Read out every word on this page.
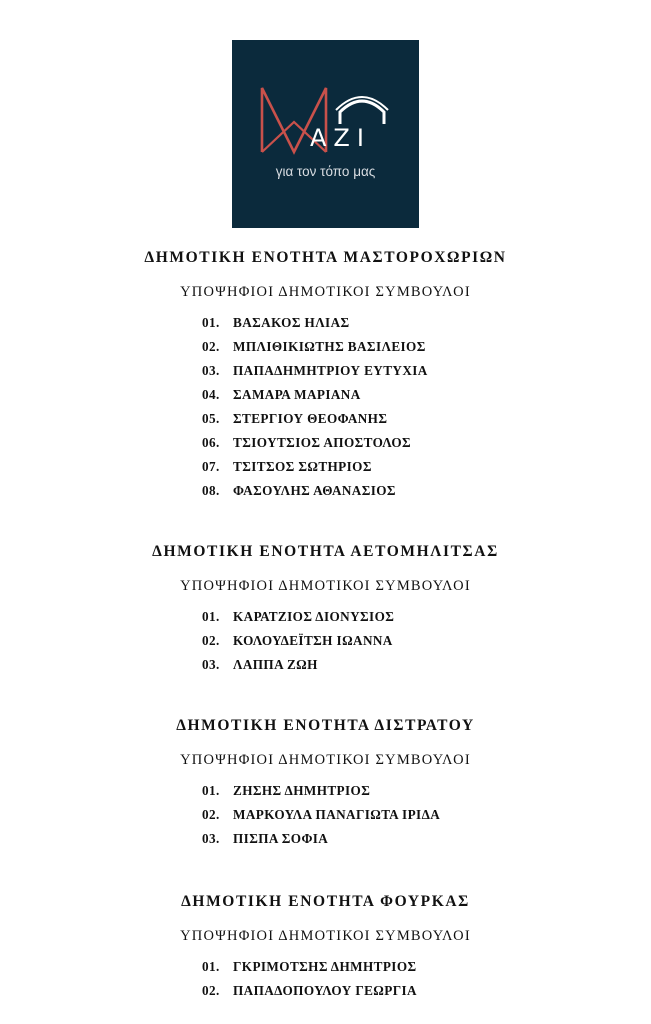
AZI
για τον τόπο μας
ΔΗΜΟΤΙΚΗ ΕΝΟΤΗΤΑ ΜΑΣΤΟΡΟΧΩΡΙΩΝ
ΥΠΟΨΗΦΙΟΙ ΔΗΜΟΤΙΚΟΙ ΣΥΜΒΟΥΛΟΙ
01. ΒΑΣΑΚΟΣ ΗΛΙΑΣ
02. ΜΠΛΙΘΙΚΙΩΤΗΣ ΒΑΣΙΛΕΙΟΣ
03. ΠΑΠΑΔΗΜΗΤΡΙΟΥ ΕΥΤΥΧΙΑ
04. ΣΑΜΑΡΑ ΜΑΡΙΑΝΑ
05. ΣΤΕΡΓΙΟΥ ΘΕΟΦΑΝΗΣ
06. ΤΣΙΟΥΤΣΙΟΣ ΑΠΟΣΤΟΛΟΣ
07. ΤΣΙΤΣΟΣ ΣΩΤΗΡΙΟΣ
08. ΦΑΣΟΥΛΗΣ ΑΘΑΝΑΣΙΟΣ
ΔΗΜΟΤΙΚΗ ΕΝΟΤΗΤΑ ΑΕΤΟΜΗΛΙΤΣΑΣ
ΥΠΟΨΗΦΙΟΙ ΔΗΜΟΤΙΚΟΙ ΣΥΜΒΟΥΛΟΙ
01. ΚΑΡΑΤΖΙΟΣ ΔΙΟΝΥΣΙΟΣ
02. ΚΟΛΟΥΔΕΪΤΣΗ ΙΩΑΝΝΑ
03. ΛΑΠΠΑ ΖΩΗ
ΔΗΜΟΤΙΚΗ ΕΝΟΤΗΤΑ ΔΙΣΤΡΑΤΟΥ
ΥΠΟΨΗΦΙΟΙ ΔΗΜΟΤΙΚΟΙ ΣΥΜΒΟΥΛΟΙ
01. ΖΗΣΗΣ ΔΗΜΗΤΡΙΟΣ
02. ΜΑΡΚΟΥΛΑ ΠΑΝΑΓΙΩΤΑ ΙΡΙΔΑ
03. ΠΙΣΠΑ ΣΟΦΙΑ
ΔΗΜΟΤΙΚΗ ΕΝΟΤΗΤΑ ΦΟΥΡΚΑΣ
ΥΠΟΨΗΦΙΟΙ ΔΗΜΟΤΙΚΟΙ ΣΥΜΒΟΥΛΟΙ
01. ΓΚΡΙΜΟΤΣΗΣ ΔΗΜΗΤΡΙΟΣ
02. ΠΑΠΑΔΟΠΟΥΛΟΥ ΓΕΩΡΓΙΑ
